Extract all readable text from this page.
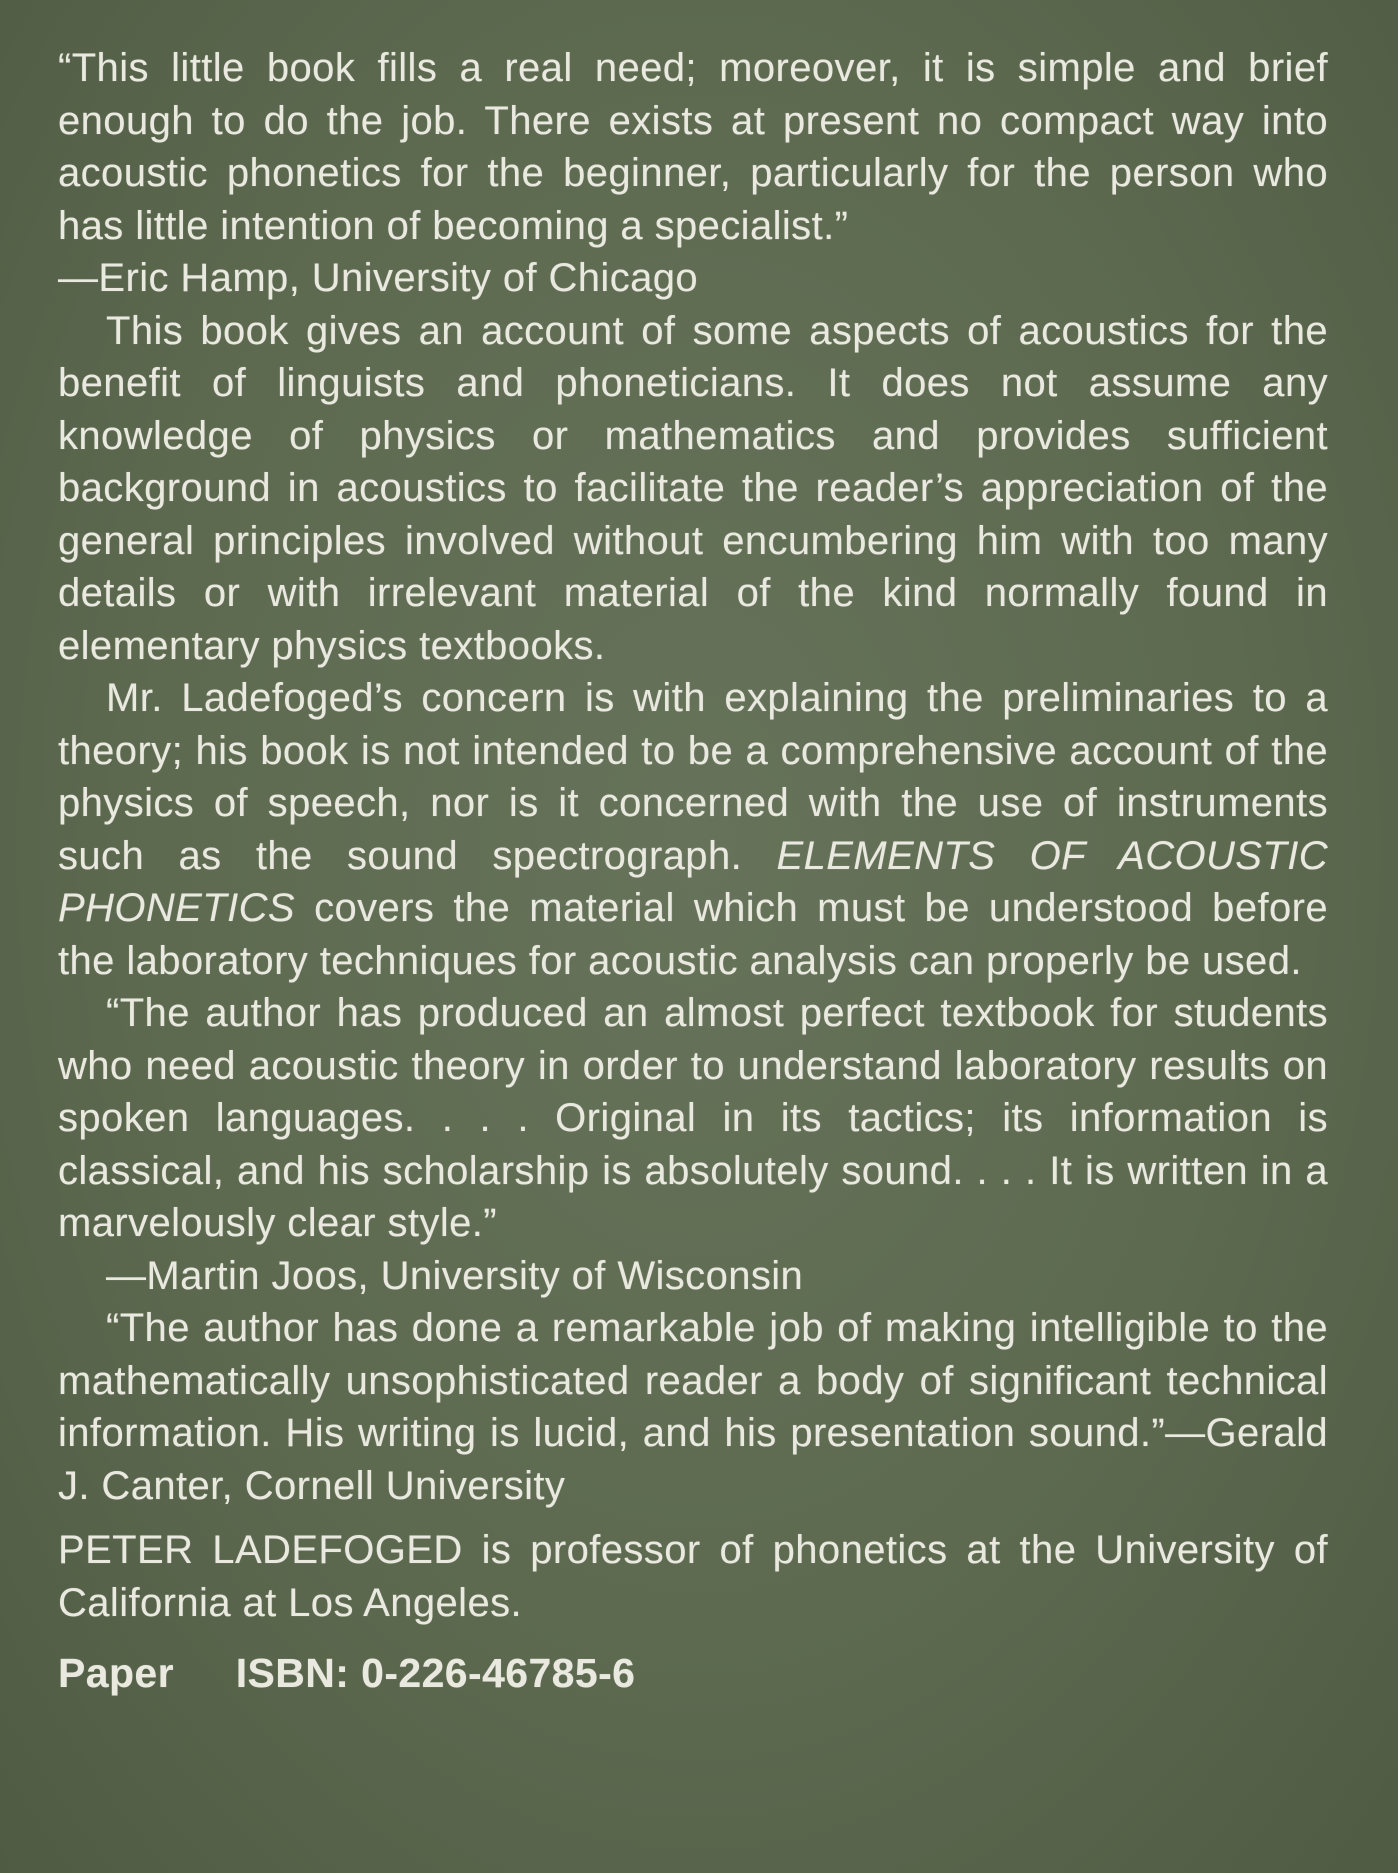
“This little book fills a real need; moreover, it is simple and brief enough to do the job. There exists at present no compact way into acoustic phonetics for the beginner, particularly for the person who has little intention of becoming a specialist.”
—Eric Hamp, University of Chicago

This book gives an account of some aspects of acoustics for the benefit of linguists and phoneticians. It does not assume any knowledge of physics or mathematics and provides sufficient background in acoustics to facilitate the reader’s appreciation of the general principles involved without encumbering him with too many details or with irrelevant material of the kind normally found in elementary physics textbooks.

Mr. Ladefoged’s concern is with explaining the preliminaries to a theory; his book is not intended to be a comprehensive account of the physics of speech, nor is it concerned with the use of instruments such as the sound spectrograph. ELEMENTS OF ACOUSTIC PHONETICS covers the material which must be understood before the laboratory techniques for acoustic analysis can properly be used.

“The author has produced an almost perfect textbook for students who need acoustic theory in order to understand laboratory results on spoken languages. . . . Original in its tactics; its information is classical, and his scholarship is absolutely sound. . . . It is written in a marvelously clear style.”
—Martin Joos, University of Wisconsin

“The author has done a remarkable job of making intelligible to the mathematically unsophisticated reader a body of significant technical information. His writing is lucid, and his presentation sound.”—Gerald J. Canter, Cornell University

PETER LADEFOGED is professor of phonetics at the University of California at Los Angeles.

Paper ISBN: 0-226-46785-6
